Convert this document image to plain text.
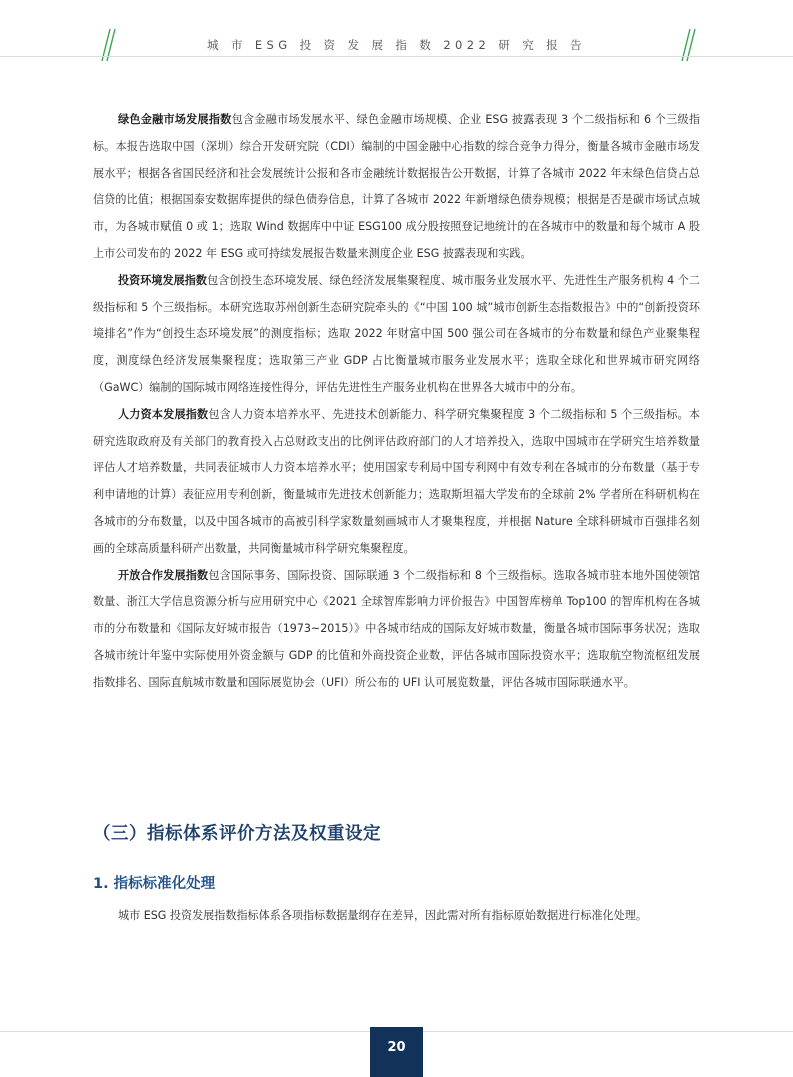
城 市 ESG 投 资 发 展 指 数 2022 研 究 报 告

绿色金融市场发展指数包含金融市场发展水平、绿色金融市场规模、企业 ESG 披露表现 3 个二级指标和 6 个三级指标。本报告选取中国（深圳）综合开发研究院（CDI）编制的中国金融中心指数的综合竞争力得分，衡量各城市金融市场发展水平；根据各省国民经济和社会发展统计公报和各市金融统计数据报告公开数据，计算了各城市 2022 年末绿色信贷占总信贷的比值；根据国泰安数据库提供的绿色债券信息，计算了各城市 2022 年新增绿色债券规模；根据是否是碳市场试点城市，为各城市赋值 0 或 1；选取 Wind 数据库中中证 ESG100 成分股按照登记地统计的在各城市中的数量和每个城市 A 股上市公司发布的 2022 年 ESG 或可持续发展报告数量来测度企业 ESG 披露表现和实践。

投资环境发展指数包含创投生态环境发展、绿色经济发展集聚程度、城市服务业发展水平、先进性生产服务机构 4 个二级指标和 5 个三级指标。本研究选取苏州创新生态研究院牵头的《“中国 100 城”城市创新生态指数报告》中的“创新投资环境排名”作为“创投生态环境发展”的测度指标；选取 2022 年财富中国 500 强公司在各城市的分布数量和绿色产业聚集程度，测度绿色经济发展集聚程度；选取第三产业 GDP 占比衡量城市服务业发展水平；选取全球化和世界城市研究网络（GaWC）编制的国际城市网络连接性得分，评估先进性生产服务业机构在世界各大城市中的分布。

人力资本发展指数包含人力资本培养水平、先进技术创新能力、科学研究集聚程度 3 个二级指标和 5 个三级指标。本研究选取政府及有关部门的教育投入占总财政支出的比例评估政府部门的人才培养投入，选取中国城市在学研究生培养数量评估人才培养数量，共同表征城市人力资本培养水平；使用国家专利局中国专利网中有效专利在各城市的分布数量（基于专利申请地的计算）表征应用专利创新，衡量城市先进技术创新能力；选取斯坦福大学发布的全球前 2% 学者所在科研机构在各城市的分布数量，以及中国各城市的高被引科学家数量刻画城市人才聚集程度，并根据 Nature 全球科研城市百强排名刻画的全球高质量科研产出数量，共同衡量城市科学研究集聚程度。

开放合作发展指数包含国际事务、国际投资、国际联通 3 个二级指标和 8 个三级指标。选取各城市驻本地外国使领馆数量、浙江大学信息资源分析与应用研究中心《2021 全球智库影响力评价报告》中国智库榜单 Top100 的智库机构在各城市的分布数量和《国际友好城市报告（1973~2015）》中各城市结成的国际友好城市数量，衡量各城市国际事务状况；选取各城市统计年鉴中实际使用外资金额与 GDP 的比值和外商投资企业数，评估各城市国际投资水平；选取航空物流枢纽发展指数排名、国际直航城市数量和国际展览协会（UFI）所公布的 UFI 认可展览数量，评估各城市国际联通水平。

（三）指标体系评价方法及权重设定
1. 指标标准化处理
城市 ESG 投资发展指数指标体系各项指标数据量纲存在差异，因此需对所有指标原始数据进行标准化处理。
20
